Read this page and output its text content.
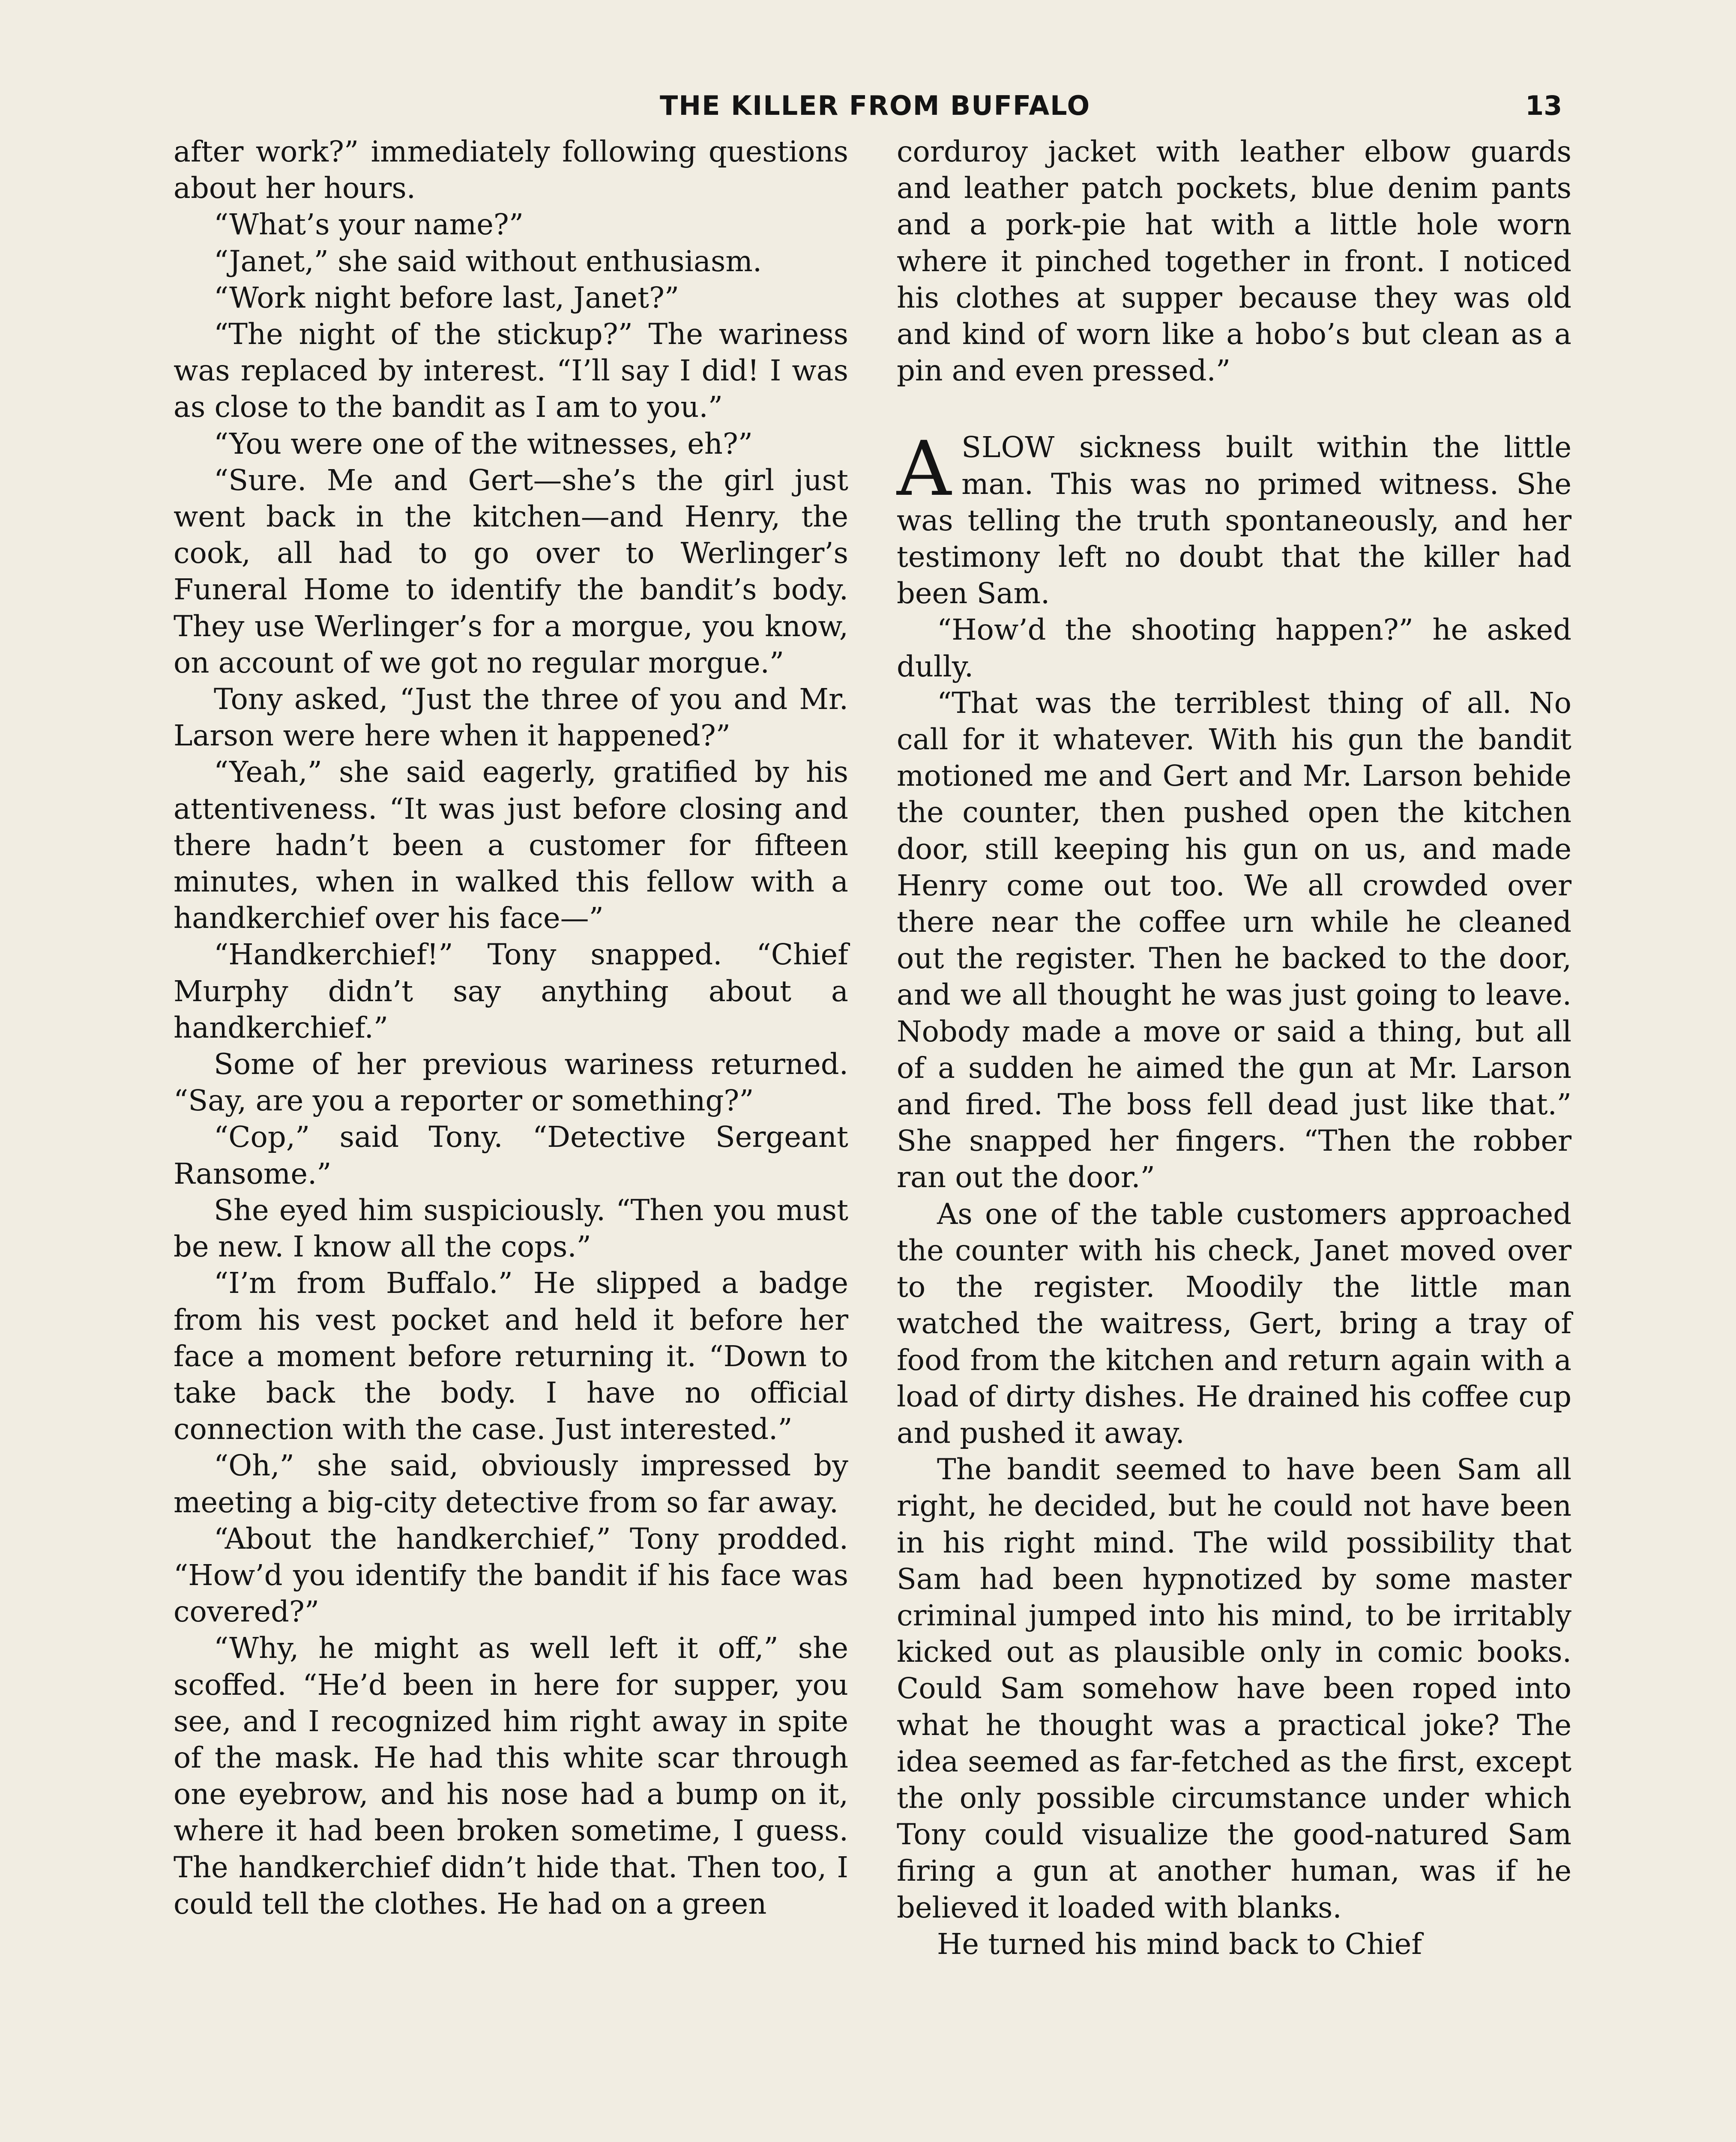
THE KILLER FROM BUFFALO	13

after work?” immediately following questions about her hours.

“What’s your name?”

“Janet,” she said without enthusiasm.

“Work night before last, Janet?”

“The night of the stickup?” The wariness was replaced by interest. “I’ll say I did! I was as close to the bandit as I am to you.”

“You were one of the witnesses, eh?”

“Sure. Me and Gert—she’s the girl just went back in the kitchen—and Henry, the cook, all had to go over to Werlinger’s Funeral Home to identify the bandit’s body. They use Werlinger’s for a morgue, you know, on account of we got no regular morgue.”

Tony asked, “Just the three of you and Mr. Larson were here when it happened?”

“Yeah,” she said eagerly, gratified by his attentiveness. “It was just before closing and there hadn’t been a customer for fifteen minutes, when in walked this fellow with a handkerchief over his face—”

“Handkerchief!” Tony snapped. “Chief Murphy didn’t say anything about a handkerchief.”

Some of her previous wariness returned. “Say, are you a reporter or something?”

“Cop,” said Tony. “Detective Sergeant Ransome.”

She eyed him suspiciously. “Then you must be new. I know all the cops.”

“I’m from Buffalo.” He slipped a badge from his vest pocket and held it before her face a moment before returning it. “Down to take back the body. I have no official connection with the case. Just interested.”

“Oh,” she said, obviously impressed by meeting a big-city detective from so far away.

“About the handkerchief,” Tony prodded. “How’d you identify the bandit if his face was covered?”

“Why, he might as well left it off,” she scoffed. “He’d been in here for supper, you see, and I recognized him right away in spite of the mask. He had this white scar through one eyebrow, and his nose had a bump on it, where it had been broken sometime, I guess. The handkerchief didn’t hide that. Then too, I could tell the clothes. He had on a green

corduroy jacket with leather elbow guards and leather patch pockets, blue denim pants and a pork-pie hat with a little hole worn where it pinched together in front. I noticed his clothes at supper because they was old and kind of worn like a hobo’s but clean as a pin and even pressed.”

ASLOW sickness built within the little man. This was no primed witness. She was telling the truth spontaneously, and her testimony left no doubt that the killer had been Sam.

“How’d the shooting happen?” he asked dully.

“That was the terriblest thing of all. No call for it whatever. With his gun the bandit motioned me and Gert and Mr. Larson behide the counter, then pushed open the kitchen door, still keeping his gun on us, and made Henry come out too. We all crowded over there near the coffee urn while he cleaned out the register. Then he backed to the door, and we all thought he was just going to leave. Nobody made a move or said a thing, but all of a sudden he aimed the gun at Mr. Larson and fired. The boss fell dead just like that.” She snapped her fingers. “Then the robber ran out the door.”

As one of the table customers approached the counter with his check, Janet moved over to the register. Moodily the little man watched the waitress, Gert, bring a tray of food from the kitchen and return again with a load of dirty dishes. He drained his coffee cup and pushed it away.

The bandit seemed to have been Sam all right, he decided, but he could not have been in his right mind. The wild possibility that Sam had been hypnotized by some master criminal jumped into his mind, to be irritably kicked out as plausible only in comic books. Could Sam somehow have been roped into what he thought was a practical joke? The idea seemed as far-fetched as the first, except the only possible circumstance under which Tony could visualize the good-natured Sam firing a gun at another human, was if he believed it loaded with blanks.

He turned his mind back to Chief
